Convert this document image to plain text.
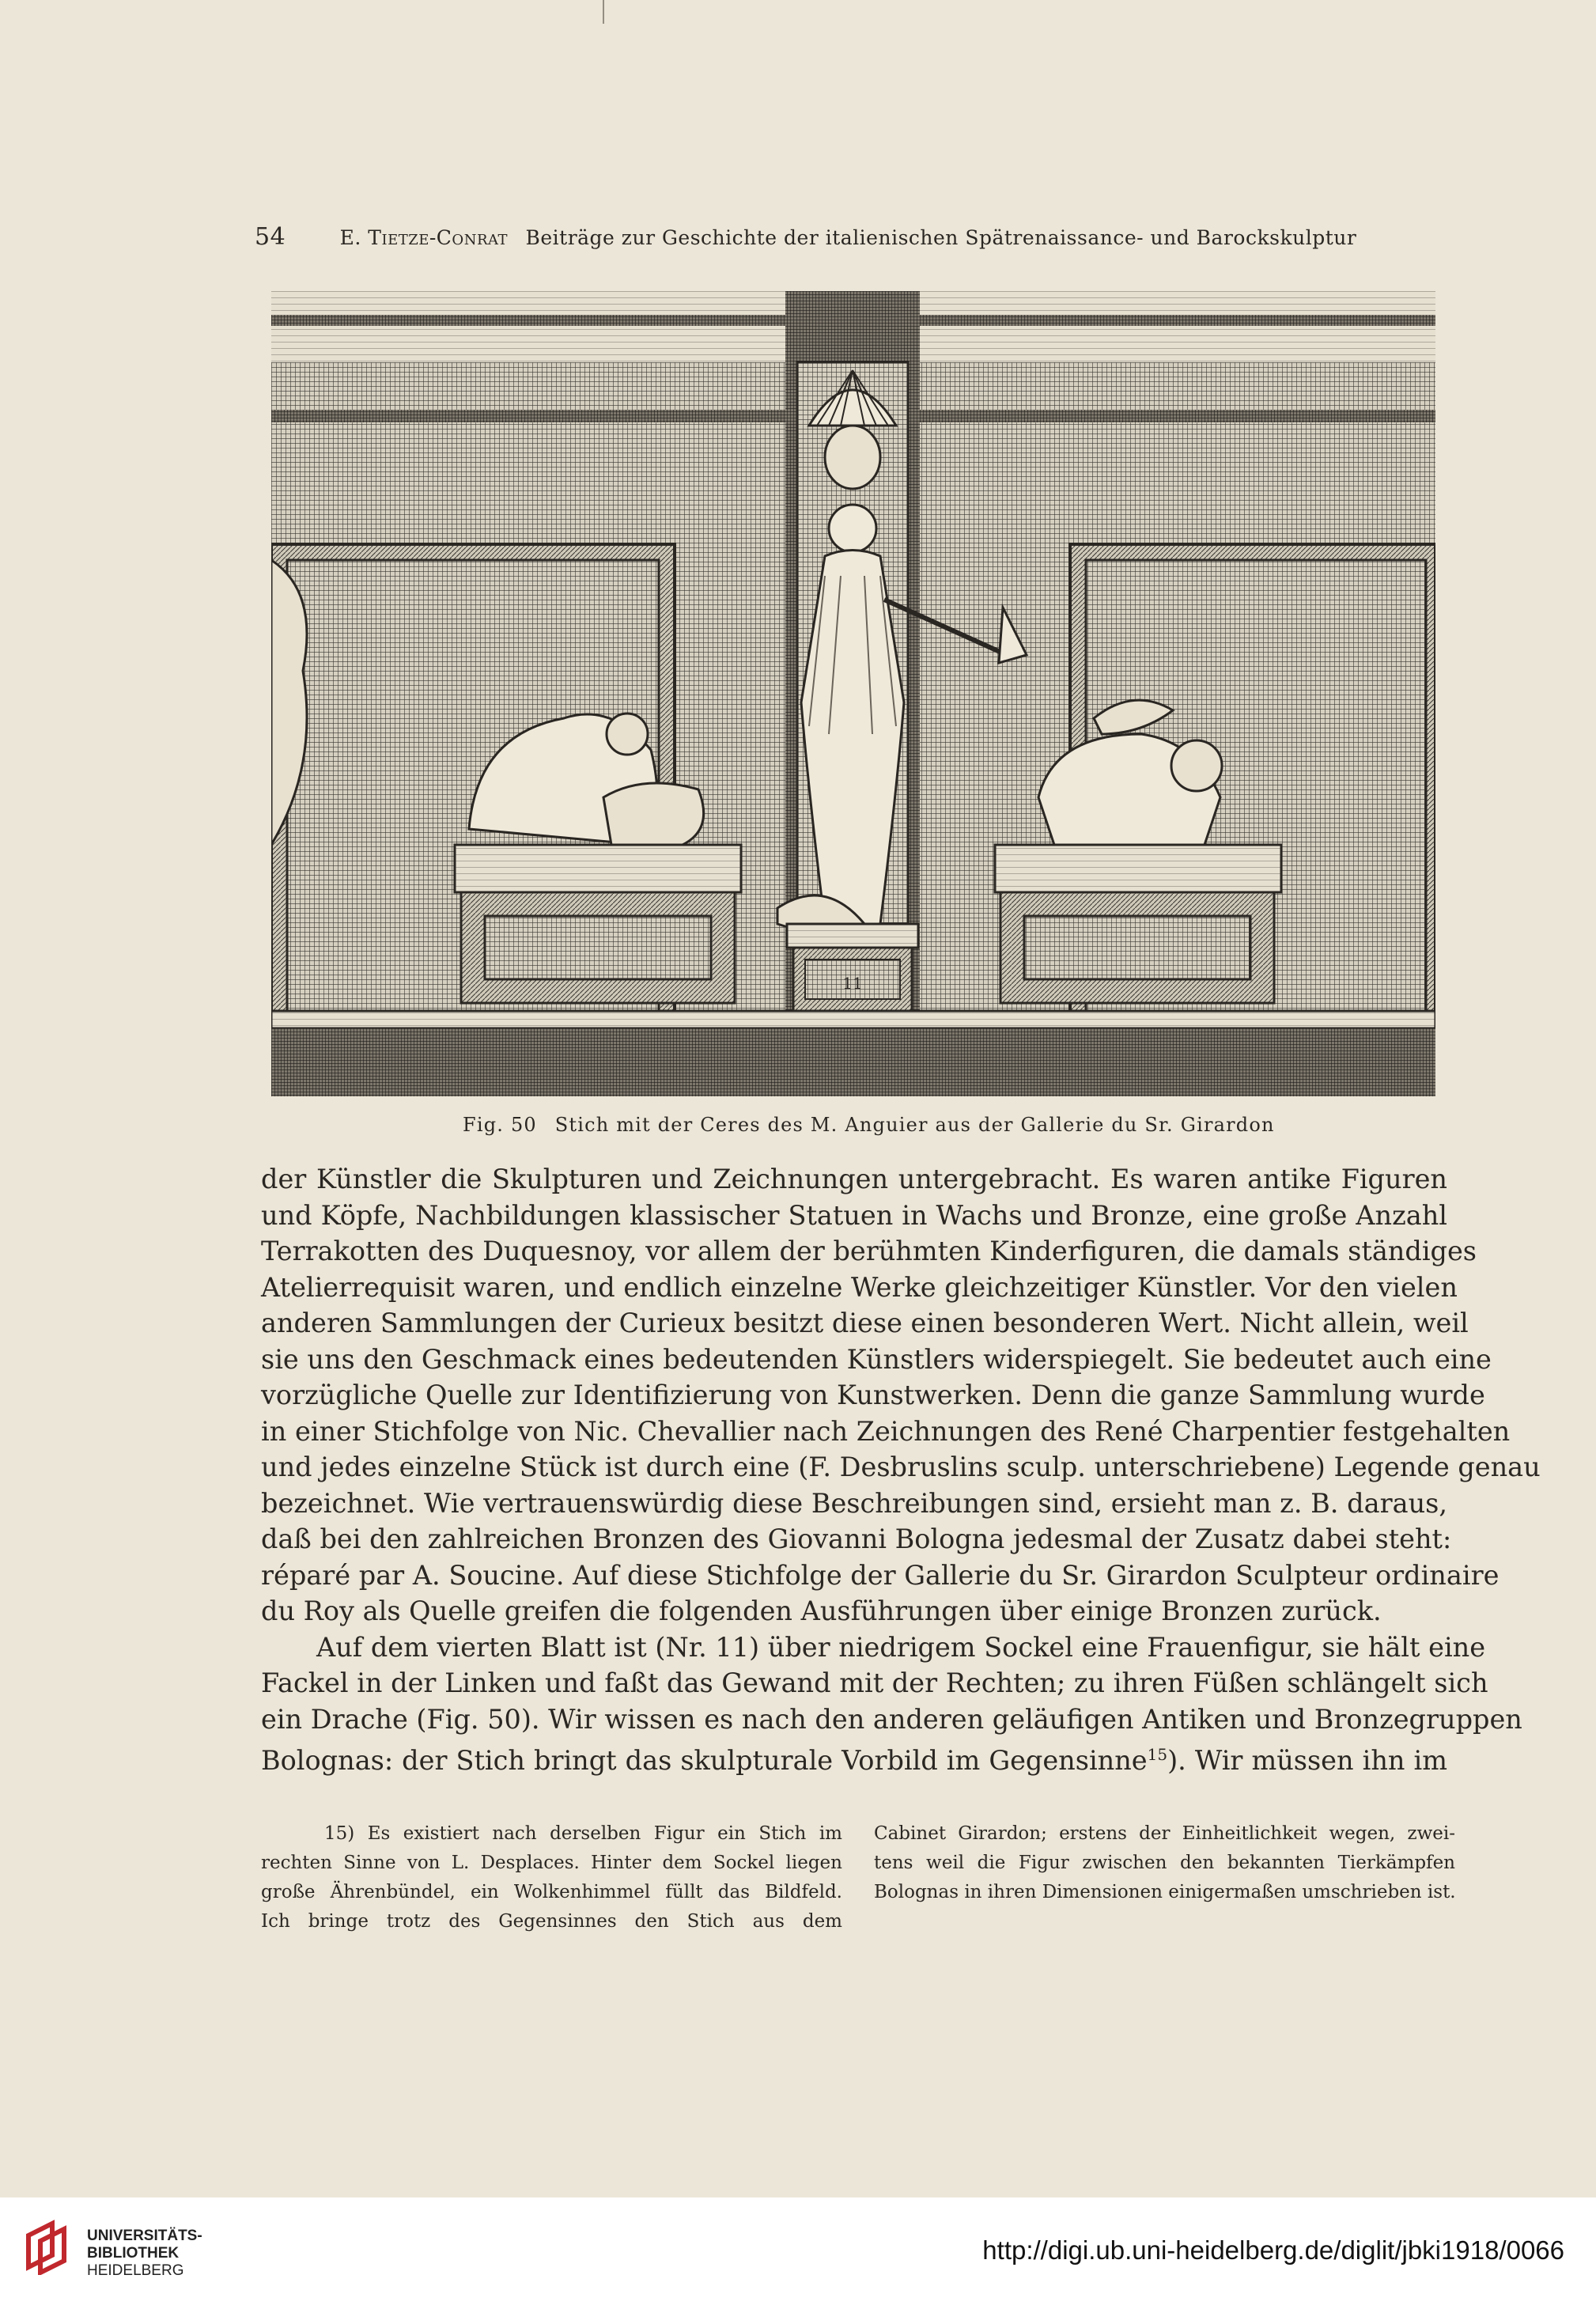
54	E. Tietze-Conrat Beiträge zur Geschichte der italienischen Spätrenaissance- und Barockskulptur
11
Fig. 50 Stich mit der Ceres des M. Anguier aus der Gallerie du Sr. Girardon
der Künstler die Skulpturen und Zeichnungen untergebracht. Es waren antike Figuren
und Köpfe, Nachbildungen klassischer Statuen in Wachs und Bronze, eine große Anzahl
Terrakotten des Duquesnoy, vor allem der berühmten Kinderfiguren, die damals ständiges
Atelierrequisit waren, und endlich einzelne Werke gleichzeitiger Künstler. Vor den vielen
anderen Sammlungen der Curieux besitzt diese einen besonderen Wert. Nicht allein, weil
sie uns den Geschmack eines bedeutenden Künstlers widerspiegelt. Sie bedeutet auch eine
vorzügliche Quelle zur Identifizierung von Kunstwerken. Denn die ganze Sammlung wurde
in einer Stichfolge von Nic. Chevallier nach Zeichnungen des René Charpentier festgehalten
und jedes einzelne Stück ist durch eine (F. Desbruslins sculp. unterschriebene) Legende genau
bezeichnet. Wie vertrauenswürdig diese Beschreibungen sind, ersieht man z. B. daraus,
daß bei den zahlreichen Bronzen des Giovanni Bologna jedesmal der Zusatz dabei steht:
réparé par A. Soucine. Auf diese Stichfolge der Gallerie du Sr. Girardon Sculpteur ordinaire
du Roy als Quelle greifen die folgenden Ausführungen über einige Bronzen zurück.
Auf dem vierten Blatt ist (Nr. 11) über niedrigem Sockel eine Frauenfigur, sie hält eine
Fackel in der Linken und faßt das Gewand mit der Rechten; zu ihren Füßen schlängelt sich
ein Drache (Fig. 50). Wir wissen es nach den anderen geläufigen Antiken und Bronzegruppen
Bolognas: der Stich bringt das skulpturale Vorbild im Gegensinne$^{15}$). Wir müssen ihn im
15) Es existiert nach derselben Figur ein Stich im
rechten Sinne von L. Desplaces. Hinter dem Sockel liegen
große Ährenbündel, ein Wolkenhimmel füllt das Bildfeld.
Ich bringe trotz des Gegensinnes den Stich aus dem
Cabinet Girardon; erstens der Einheitlichkeit wegen, zwei-
tens weil die Figur zwischen den bekannten Tierkämpfen
Bolognas in ihren Dimensionen einigermaßen umschrieben ist.
UNIVERSITÄTS-
BIBLIOTHEK
HEIDELBERG
http://digi.ub.uni-heidelberg.de/diglit/jbki1918/0066
